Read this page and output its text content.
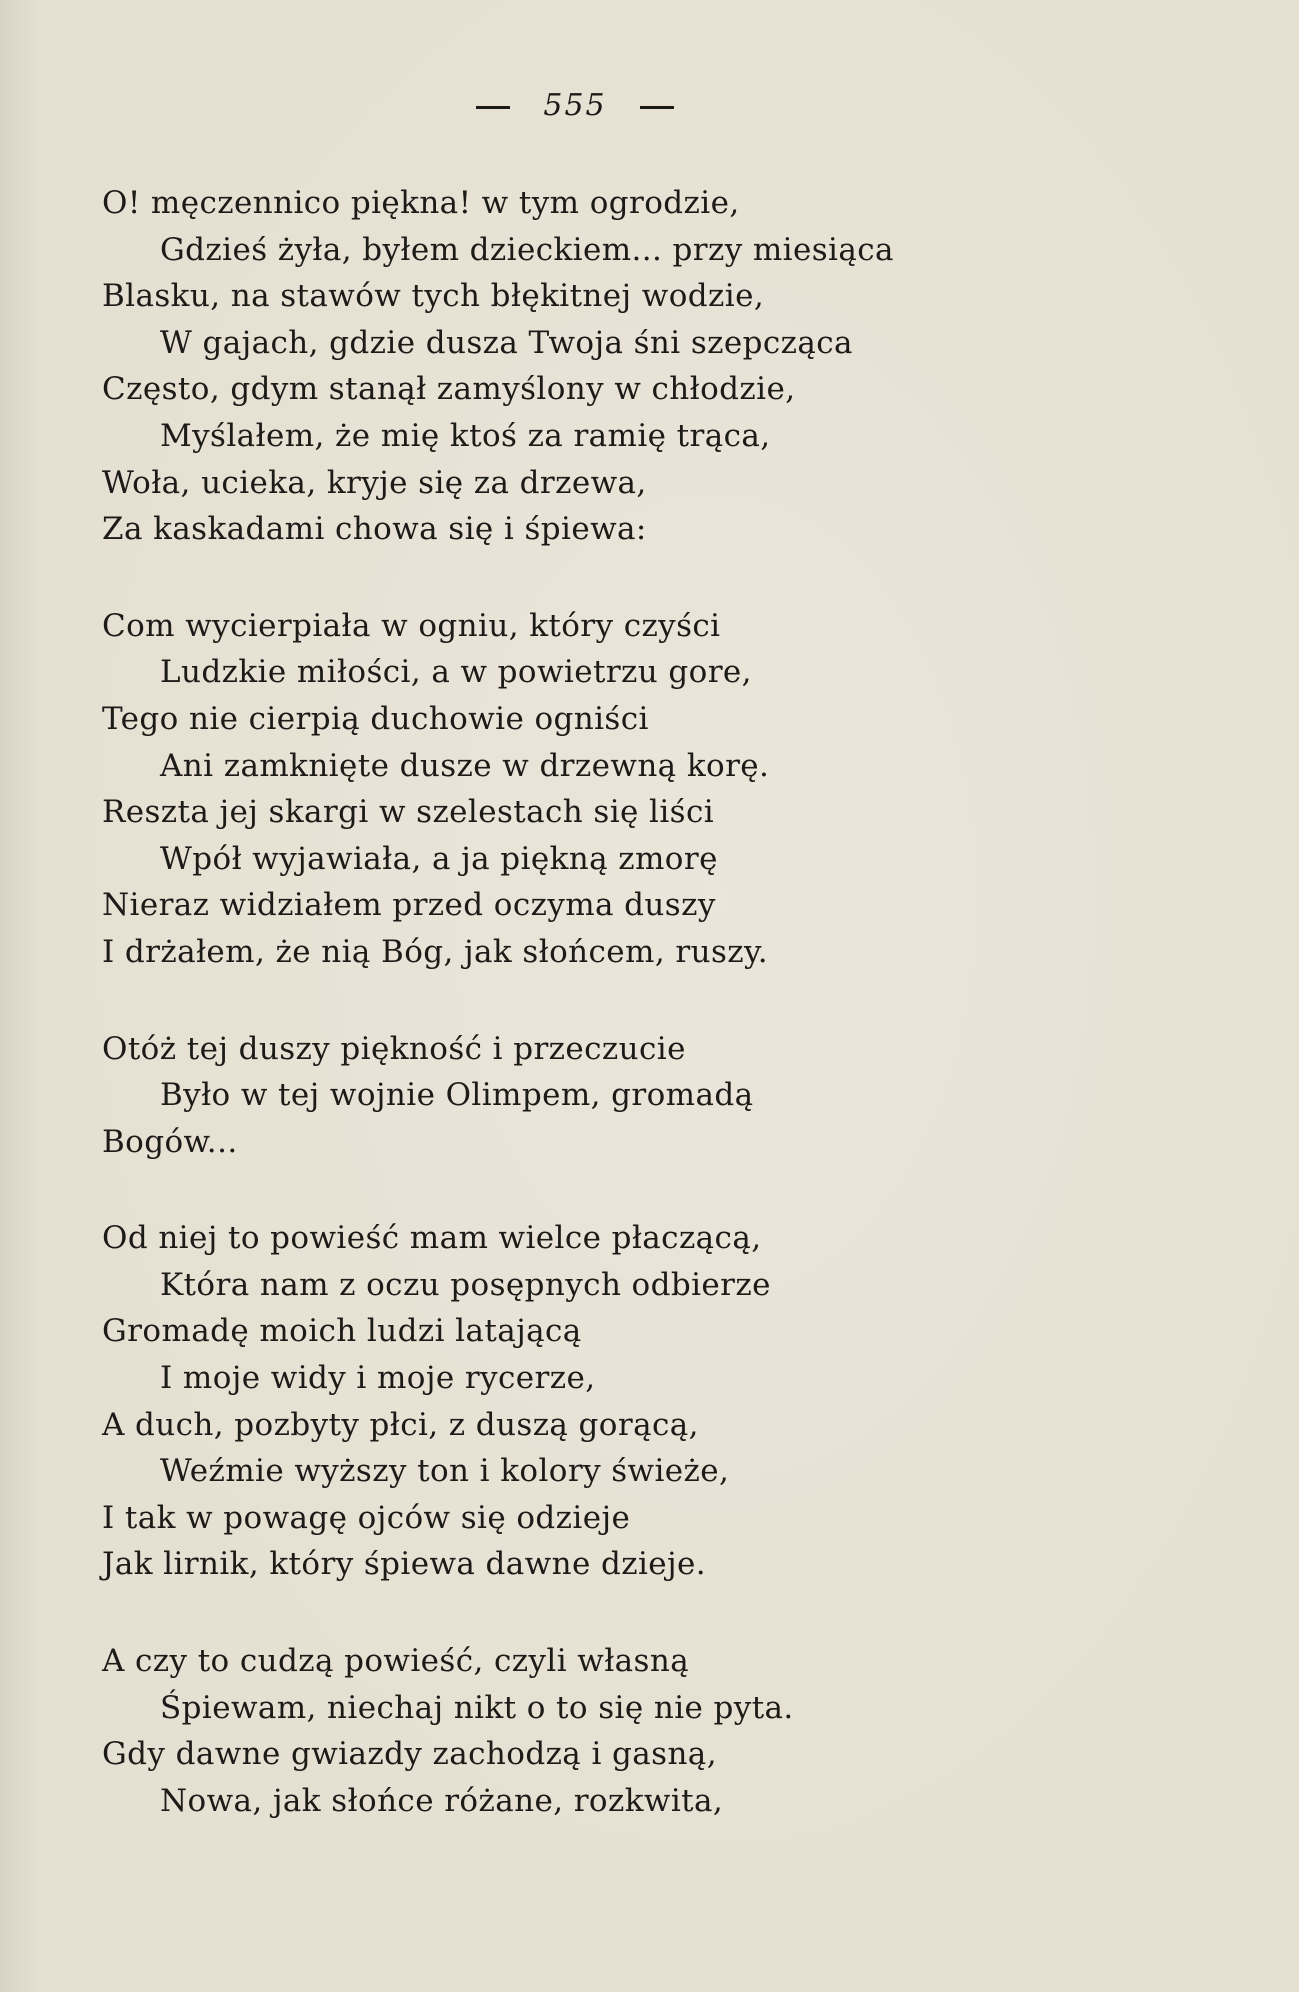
555
O! męczennico piękna! w tym ogrodzie,
Gdzieś żyła, byłem dzieckiem... przy miesiąca
Blasku, na stawów tych błękitnej wodzie,
W gajach, gdzie dusza Twoja śni szepcząca
Często, gdym stanął zamyślony w chłodzie,
Myślałem, że mię ktoś za ramię trąca,
Woła, ucieka, kryje się za drzewa,
Za kaskadami chowa się i śpiewa:
Com wycierpiała w ogniu, który czyści
Ludzkie miłości, a w powietrzu gore,
Tego nie cierpią duchowie ogniści
Ani zamknięte dusze w drzewną korę.
Reszta jej skargi w szelestach się liści
Wpół wyjawiała, a ja piękną zmorę
Nieraz widziałem przed oczyma duszy
I drżałem, że nią Bóg, jak słońcem, ruszy.
Otóż tej duszy piękność i przeczucie
Było w tej wojnie Olimpem, gromadą
Bogów...
Od niej to powieść mam wielce płaczącą,
Która nam z oczu posępnych odbierze
Gromadę moich ludzi latającą
I moje widy i moje rycerze,
A duch, pozbyty płci, z duszą gorącą,
Weźmie wyższy ton i kolory świeże,
I tak w powagę ojców się odzieje
Jak lirnik, który śpiewa dawne dzieje.
A czy to cudzą powieść, czyli własną
Śpiewam, niechaj nikt o to się nie pyta.
Gdy dawne gwiazdy zachodzą i gasną,
Nowa, jak słońce różane, rozkwita,
